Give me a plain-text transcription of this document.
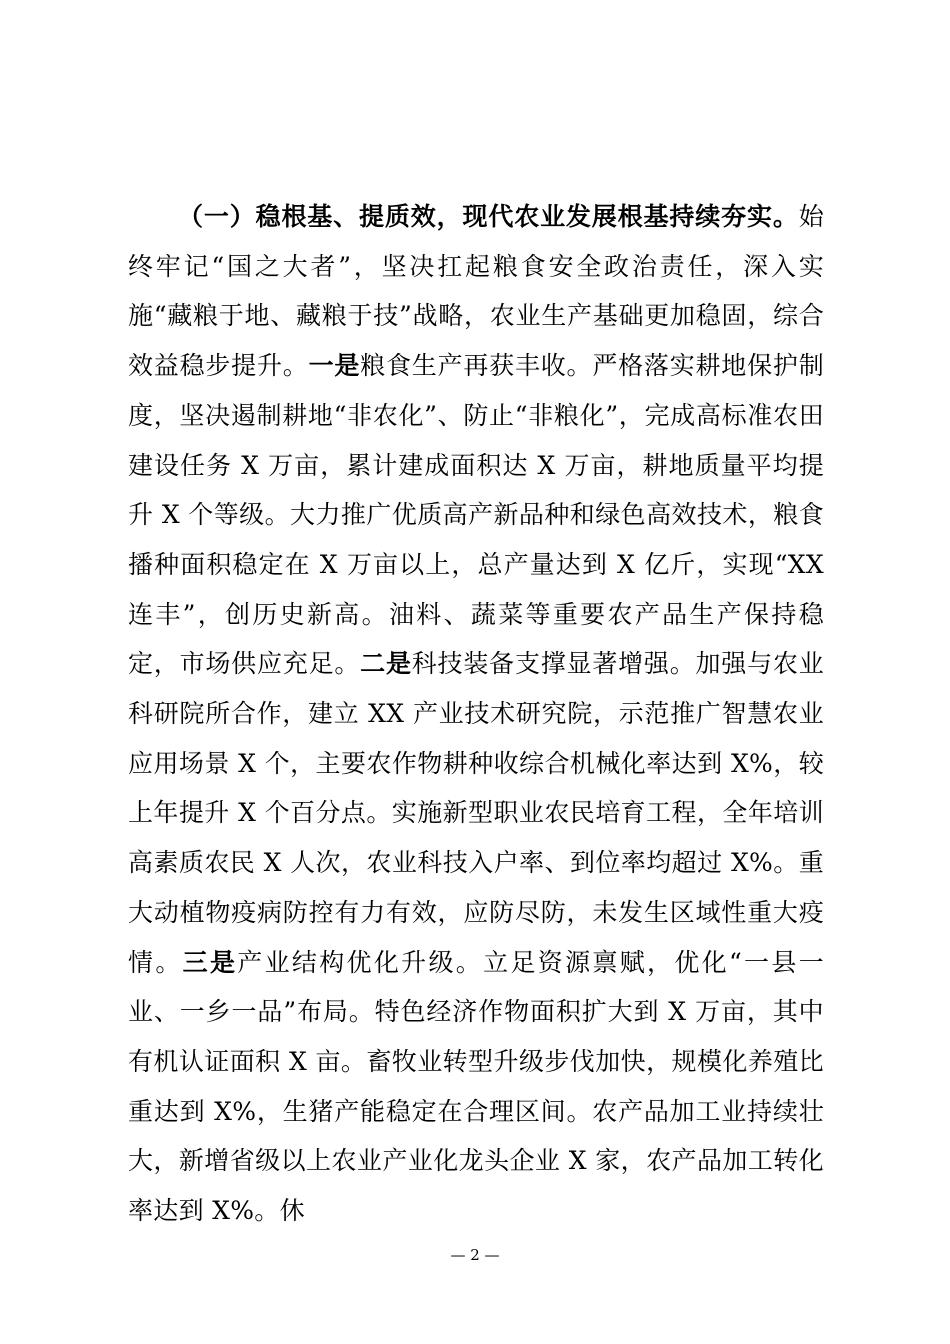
（一）稳根基、提质效，现代农业发展根基持续夯实。始终牢记“国之大者”，坚决扛起粮食安全政治责任，深入实施“藏粮于地、藏粮于技”战略，农业生产基础更加稳固，综合效益稳步提升。一是粮食生产再获丰收。严格落实耕地保护制度，坚决遏制耕地“非农化”、防止“非粮化”，完成高标准农田建设任务 X 万亩，累计建成面积达 X 万亩，耕地质量平均提升 X 个等级。大力推广优质高产新品种和绿色高效技术，粮食播种面积稳定在 X 万亩以上，总产量达到 X 亿斤，实现“XX 连丰”，创历史新高。油料、蔬菜等重要农产品生产保持稳定，市场供应充足。二是科技装备支撑显著增强。加强与农业科研院所合作，建立 XX 产业技术研究院，示范推广智慧农业应用场景 X 个，主要农作物耕种收综合机械化率达到 X%，较上年提升 X 个百分点。实施新型职业农民培育工程，全年培训高素质农民 X 人次，农业科技入户率、到位率均超过 X%。重大动植物疫病防控有力有效，应防尽防，未发生区域性重大疫情。三是产业结构优化升级。立足资源禀赋，优化“一县一业、一乡一品”布局。特色经济作物面积扩大到 X 万亩，其中有机认证面积 X 亩。畜牧业转型升级步伐加快，规模化养殖比重达到 X%，生猪产能稳定在合理区间。农产品加工业持续壮大，新增省级以上农业产业化龙头企业 X 家，农产品加工转化率达到 X%。休

— 2 —
